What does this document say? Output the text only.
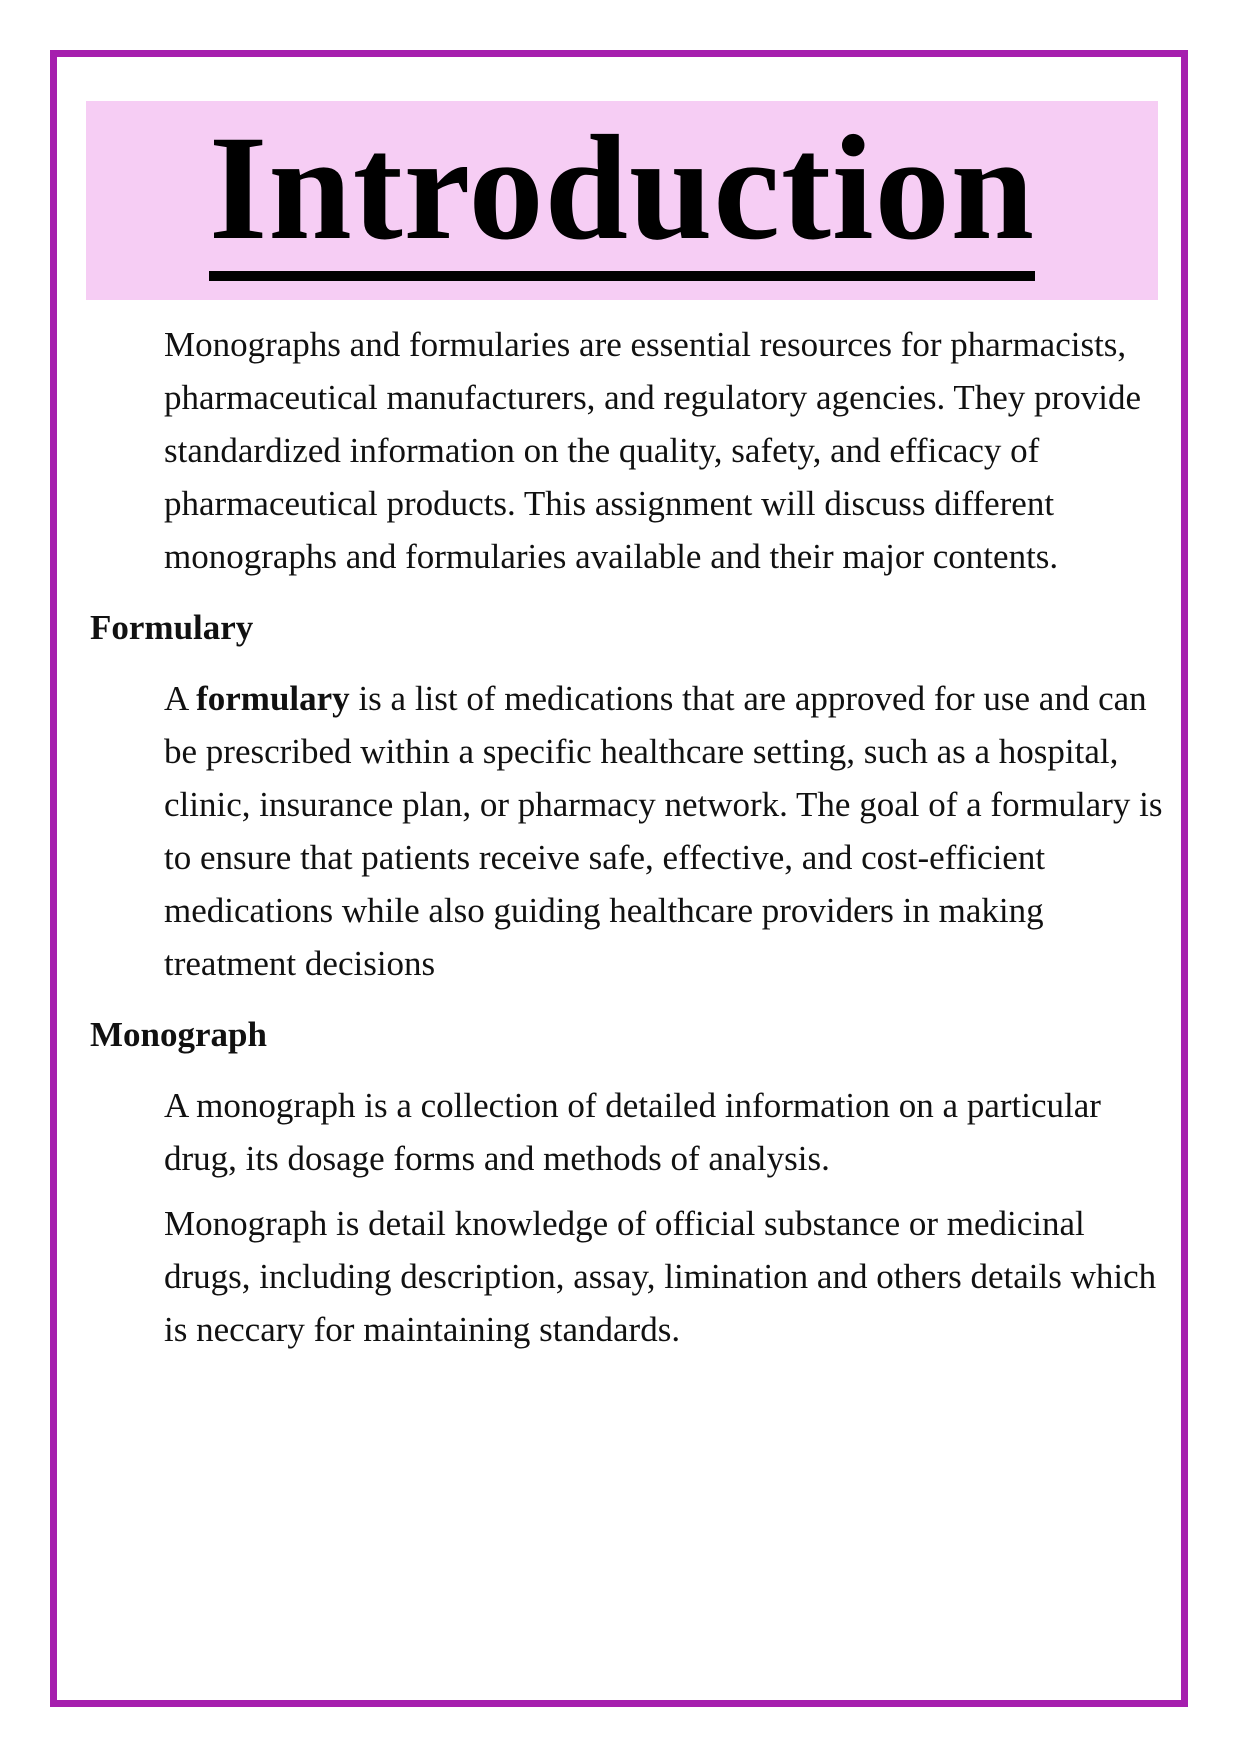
Introduction

Monographs and formularies are essential resources for pharmacists, pharmaceutical manufacturers, and regulatory agencies. They provide standardized information on the quality, safety, and efficacy of pharmaceutical products. This assignment will discuss different monographs and formularies available and their major contents.

Formulary

A formulary is a list of medications that are approved for use and can be prescribed within a specific healthcare setting, such as a hospital, clinic, insurance plan, or pharmacy network. The goal of a formulary is to ensure that patients receive safe, effective, and cost-efficient medications while also guiding healthcare providers in making treatment decisions

Monograph

A monograph is a collection of detailed information on a particular drug, its dosage forms and methods of analysis.

Monograph is detail knowledge of official substance or medicinal drugs, including description, assay, limination and others details which is neccary for maintaining standards.
